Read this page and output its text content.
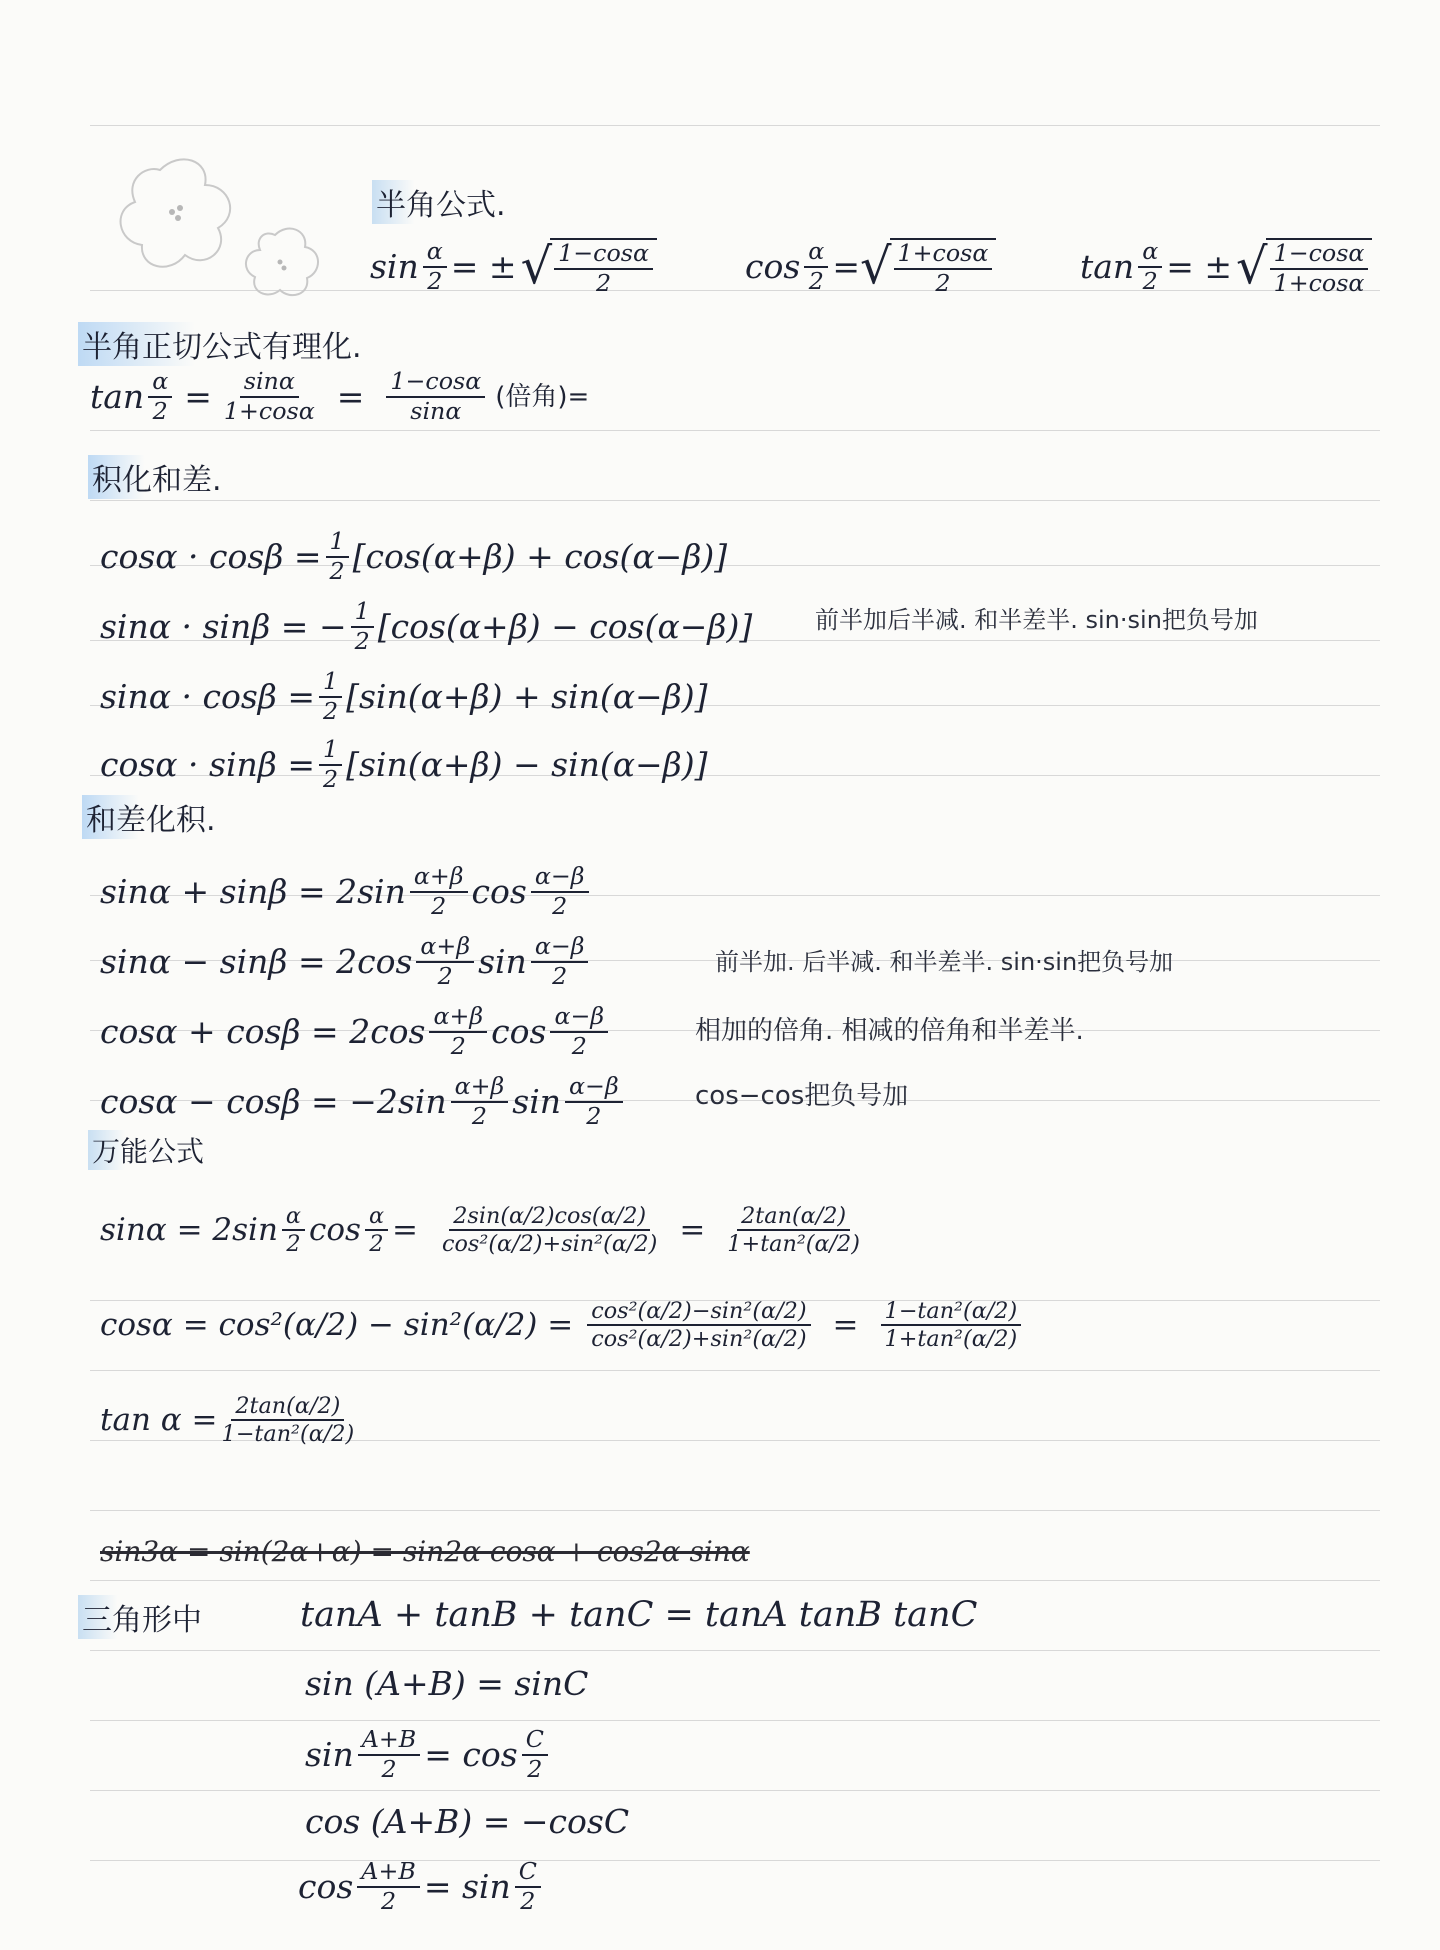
半角公式.
$\sin \frac{\alpha}{2}$ = ± √ $\frac{1-\cos\alpha}{2}$	$\cos \frac{\alpha}{2}$ = √ $\frac{1+\cos\alpha}{2}$	$\tan \frac{\alpha}{2}$ = ± √ $\frac{1-\cos\alpha}{1+\cos\alpha}$
半角正切公式有理化.
$\tan \frac{\alpha}{2} = \frac{\sin\alpha}{1+\cos\alpha} = \frac{1-\cos\alpha}{\sin\alpha}$ (倍角)=
积化和差.
$\cos\alpha \cdot \cos\beta = \frac{1}{2} [\cos(\alpha+\beta) + \cos(\alpha-\beta)]$
sinα · sinβ = − $\frac{1}{2} [\cos(\alpha+\beta) - \cos(\alpha-\beta)]$	前半加后半减. 和半差半. sin·sin把负号加
$\sin\alpha \cdot \cos\beta = \frac{1}{2} [\sin(\alpha+\beta) + \sin(\alpha-\beta)]$
$\cos\alpha \cdot \sin\beta = \frac{1}{2} [\sin(\alpha+\beta) - \sin(\alpha-\beta)]$
和差化积.
$\sin\alpha + \sin\beta = 2\sin \frac{\alpha+\beta}{2}$ $\cos \frac{\alpha-\beta}{2}$
$\sin\alpha - \sin\beta = 2\cos \frac{\alpha+\beta}{2}$ $\sin \frac{\alpha-\beta}{2}$
$\cos\alpha + \cos\beta = 2\cos \frac{\alpha+\beta}{2}$ $\cos \frac{\alpha-\beta}{2}$
$\cos\alpha - \cos\beta = -2\sin \frac{\alpha+\beta}{2}$ $\sin \frac{\alpha-\beta}{2}$
前半加. 后半减. 和半差半. sin·sin把负号加
相加的倍角. 相减的倍角和半差半.
cos−cos把负号加
万能公式
$\sin\alpha = 2\sin \frac{\alpha}{2}$ $\cos \frac{\alpha}{2} = \frac{2\sin(\alpha/2)\cos(\alpha/2)}{\text{cos²(α/2)+sin²(α/2)}} = \frac{2\tan(\alpha/2)}{\text{1+tan²(α/2)}}$
$\cos\alpha = \cos^2(\alpha/2) - \sin^2(\alpha/2) = \frac{\text{cos²(α/2)−sin²(α/2)}}{\text{cos²(α/2)+sin²(α/2)}} = \frac{\text{1−tan²(α/2)}}{\text{1+tan²(α/2)}}$
$\tan \alpha = \frac{2\tan(\alpha/2)}{\text{1−tan²(α/2)}}$
sin3α = sin(2α+α) = sin2α cosα + cos2α sinα
三角形中	tanA + tanB + tanC = tanA tanB tanC
sin (A+B) = sinC
$\sin \frac{A+B}{2} = \cos \frac{C}{2}$
cos (A+B) = −cosC
$\cos \frac{A+B}{2} = \sin \frac{C}{2}$
